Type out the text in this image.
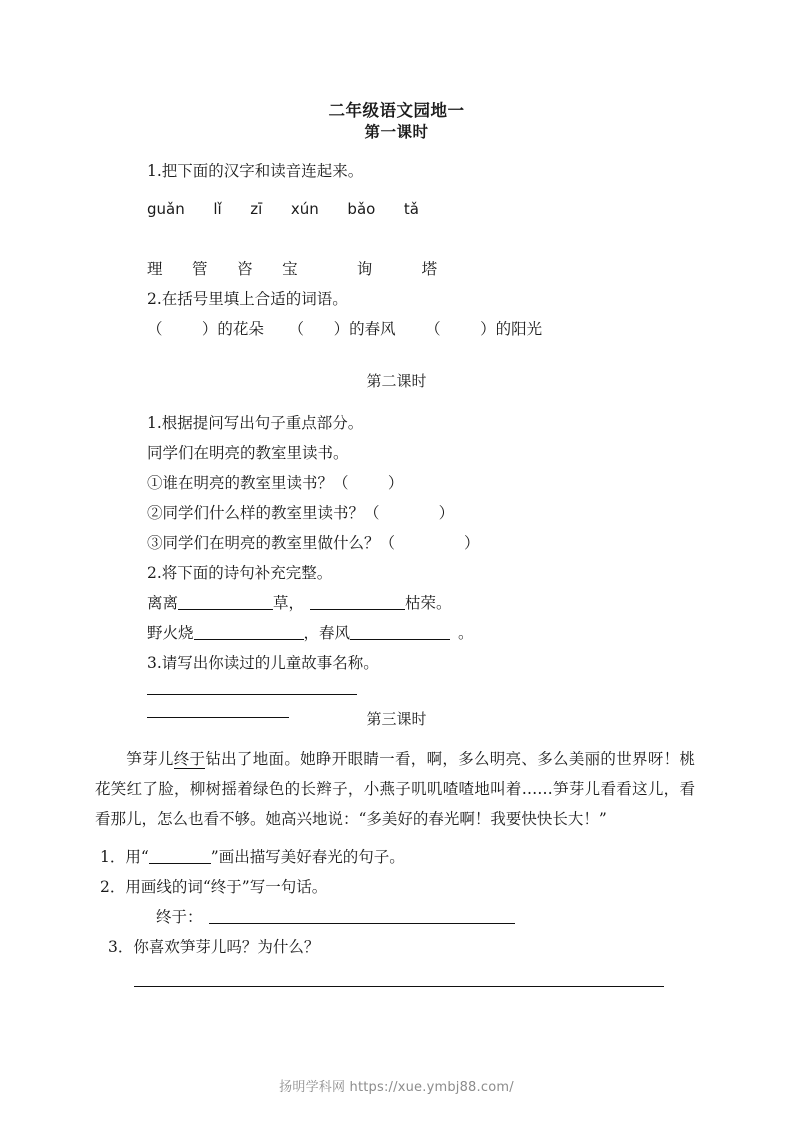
二年级语文园地一
第一课时
1.把下面的汉字和读音连起来。
guǎn      lǐ      zī      xún      bǎo      tǎ
理      管      咨      宝            询          塔
2.在括号里填上合适的词语。
（        ）的花朵     （      ）的春风      （        ）的阳光
第二课时
1.根据提问写出句子重点部分。
同学们在明亮的教室里读书。
①谁在明亮的教室里读书？（        ）
②同学们什么样的教室里读书？（            ）
③同学们在明亮的教室里做什么？（              ）
2.将下面的诗句补充完整。
离离	草，	枯荣。
野火烧	，春风	。
3.请写出你读过的儿童故事名称。
第三课时
笋芽儿终于钻出了地面。她睁开眼睛一看，啊，多么明亮、多么美丽的世界呀！桃花笑红了脸，柳树摇着绿色的长辫子，小燕子叽叽喳喳地叫着……笋芽儿看看这儿，看看那儿，怎么也看不够。她高兴地说：“多美好的春光啊！我要快快长大！”
1．用“	”画出描写美好春光的句子。
2．用画线的词“终于”写一句话。
终于：
3．你喜欢笋芽儿吗？为什么？
扬明学科网 https://xue.ymbj88.com/
